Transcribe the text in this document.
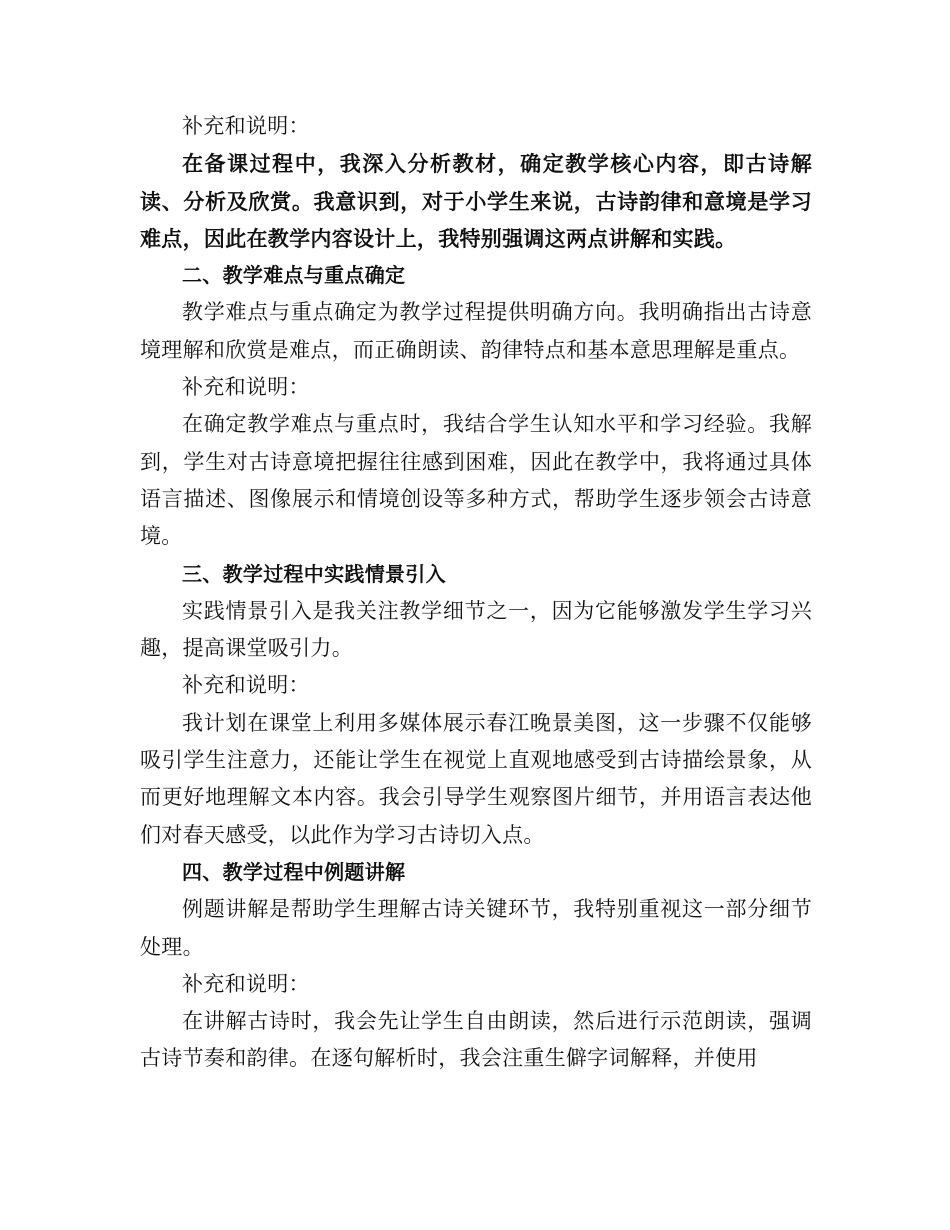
补充和说明：

在备课过程中，我深入分析教材，确定教学核心内容，即古诗解读、分析及欣赏。我意识到，对于小学生来说，古诗韵律和意境是学习难点，因此在教学内容设计上，我特别强调这两点讲解和实践。

二、教学难点与重点确定

教学难点与重点确定为教学过程提供明确方向。我明确指出古诗意境理解和欣赏是难点，而正确朗读、韵律特点和基本意思理解是重点。

补充和说明：

在确定教学难点与重点时，我结合学生认知水平和学习经验。我解到，学生对古诗意境把握往往感到困难，因此在教学中，我将通过具体语言描述、图像展示和情境创设等多种方式，帮助学生逐步领会古诗意境。

三、教学过程中实践情景引入

实践情景引入是我关注教学细节之一，因为它能够激发学生学习兴趣，提高课堂吸引力。

补充和说明：

我计划在课堂上利用多媒体展示春江晚景美图，这一步骤不仅能够吸引学生注意力，还能让学生在视觉上直观地感受到古诗描绘景象，从而更好地理解文本内容。我会引导学生观察图片细节，并用语言表达他们对春天感受，以此作为学习古诗切入点。

四、教学过程中例题讲解

例题讲解是帮助学生理解古诗关键环节，我特别重视这一部分细节处理。

补充和说明：

在讲解古诗时，我会先让学生自由朗读，然后进行示范朗读，强调古诗节奏和韵律。在逐句解析时，我会注重生僻字词解释，并使用
